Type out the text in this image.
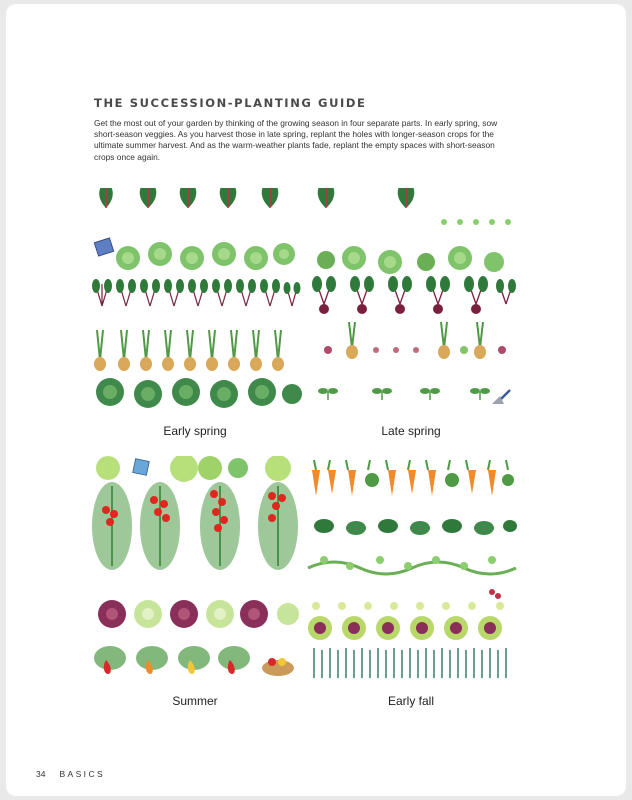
THE SUCCESSION-PLANTING GUIDE

Get the most out of your garden by thinking of the growing season in four separate parts. In early spring, sow short-season veggies. As you harvest those in late spring, replant the holes with longer-season crops for the ultimate summer harvest. And as the warm-weather plants fade, replant the empty spaces with short-season crops once again.

Early spring	Late spring
Summer	Early fall
34 BASICS
